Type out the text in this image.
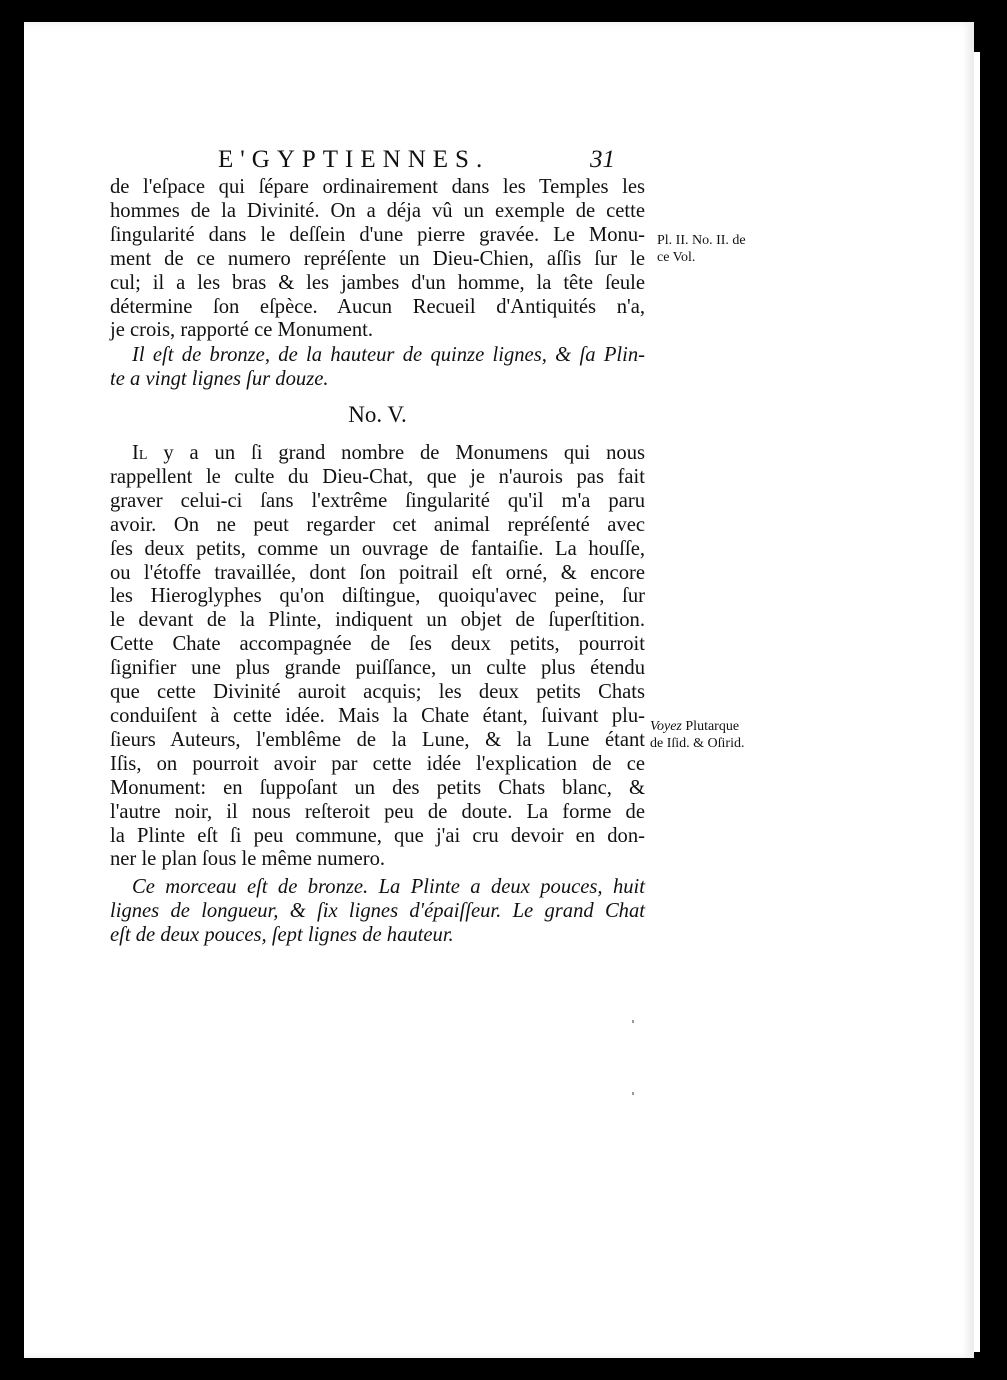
E'GYPTIENNES.	31
de l'eſpace qui ſépare ordinairement dans les Temples les
hommes de la Divinité. On a déja vû un exemple de cette
ſingularité dans le deſſein d'une pierre gravée. Le Monu-
ment de ce numero repréſente un Dieu-Chien, aſſis ſur le
cul; il a les bras & les jambes d'un homme, la tête ſeule
détermine ſon eſpèce. Aucun Recueil d'Antiquités n'a,
je crois, rapporté ce Monument.
Il eſt de bronze, de la hauteur de quinze lignes, & ſa Plin-
te a vingt lignes ſur douze.
No. V.
Il y a un ſi grand nombre de Monumens qui nous
rappellent le culte du Dieu-Chat, que je n'aurois pas fait
graver celui-ci ſans l'extrême ſingularité qu'il m'a paru
avoir. On ne peut regarder cet animal repréſenté avec
ſes deux petits, comme un ouvrage de fantaiſie. La houſſe,
ou l'étoffe travaillée, dont ſon poitrail eſt orné, & encore
les Hieroglyphes qu'on diſtingue, quoiqu'avec peine, ſur
le devant de la Plinte, indiquent un objet de ſuperſtition.
Cette Chate accompagnée de ſes deux petits, pourroit
ſignifier une plus grande puiſſance, un culte plus étendu
que cette Divinité auroit acquis; les deux petits Chats
conduiſent à cette idée. Mais la Chate étant, ſuivant plu-
ſieurs Auteurs, l'emblême de la Lune, & la Lune étant
Iſis, on pourroit avoir par cette idée l'explication de ce
Monument: en ſuppoſant un des petits Chats blanc, &
l'autre noir, il nous reſteroit peu de doute. La forme de
la Plinte eſt ſi peu commune, que j'ai cru devoir en don-
ner le plan ſous le même numero.
Ce morceau eſt de bronze. La Plinte a deux pouces, huit
lignes de longueur, & ſix lignes d'épaiſſeur. Le grand Chat
eſt de deux pouces, ſept lignes de hauteur.
Pl. II. No. II. de
ce Vol.
Voyez Plutarque
de Iſid. & Oſirid.
